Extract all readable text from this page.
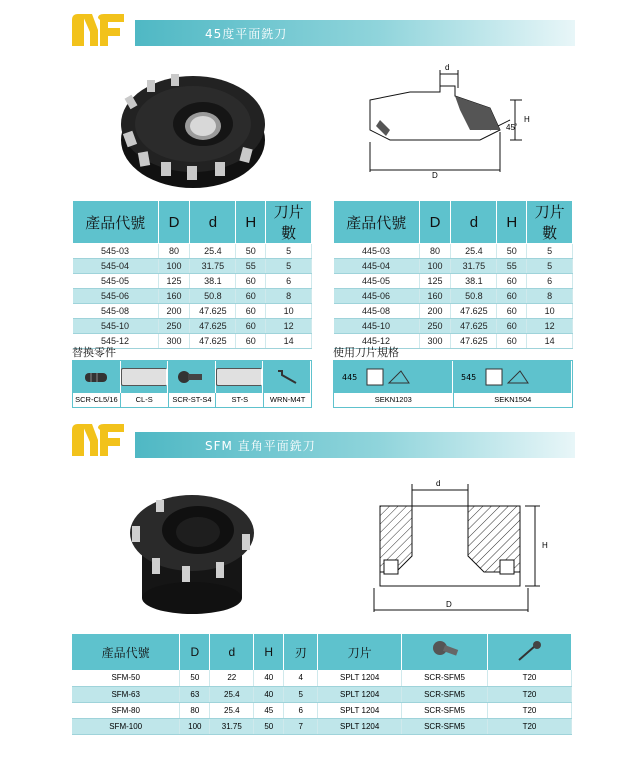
45度平面銑刀
d
D
H
45˚
產品代號	D	d	H	刀片數
545-03	80	25.4	50	5
545-04	100	31.75	55	5
545-05	125	38.1	60	6
545-06	160	50.8	60	8
545-08	200	47.625	60	10
545-10	250	47.625	60	12
545-12	300	47.625	60	14
產品代號	D	d	H	刀片數
445-03	80	25.4	50	5
445-04	100	31.75	55	5
445-05	125	38.1	60	6
445-06	160	50.8	60	8
445-08	200	47.625	60	10
445-10	250	47.625	60	12
445-12	300	47.625	60	14
替換零件
SCR-CL5/16	CL-S	SCR-ST-S4	ST-S	WRN-M4T
使用刀片規格
445	545
SEKN1203	SEKN1504
SFM 直角平面銑刀
d
D
H
產品代號	D	d	H	刃	刀片		
SFM-50	50	22	40	4	SPLT 1204	SCR-SFM5	T20
SFM-63	63	25.4	40	5	SPLT 1204	SCR-SFM5	T20
SFM-80	80	25.4	45	6	SPLT 1204	SCR-SFM5	T20
SFM-100	100	31.75	50	7	SPLT 1204	SCR-SFM5	T20
